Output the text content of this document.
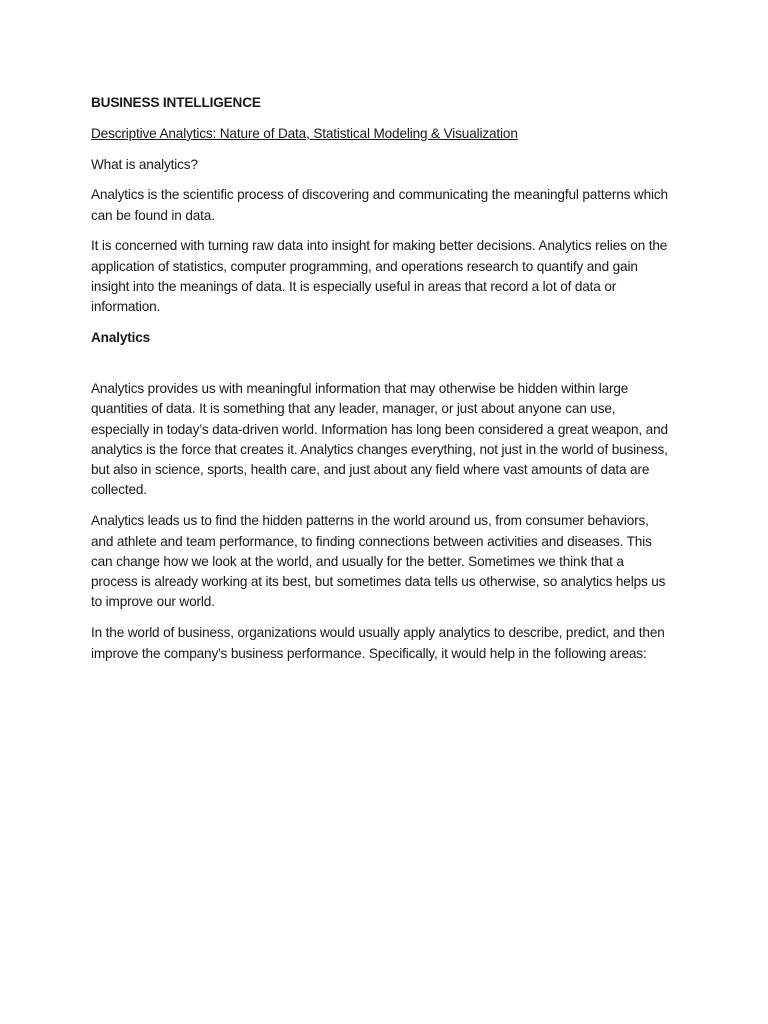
BUSINESS INTELLIGENCE

Descriptive Analytics: Nature of Data, Statistical Modeling & Visualization

What is analytics?

Analytics is the scientific process of discovering and communicating the meaningful patterns which can be found in data.

It is concerned with turning raw data into insight for making better decisions. Analytics relies on the application of statistics, computer programming, and operations research to quantify and gain insight into the meanings of data. It is especially useful in areas that record a lot of data or information.

Analytics

Analytics provides us with meaningful information that may otherwise be hidden within large quantities of data. It is something that any leader, manager, or just about anyone can use, especially in today’s data-driven world. Information has long been considered a great weapon, and analytics is the force that creates it. Analytics changes everything, not just in the world of business, but also in science, sports, health care, and just about any field where vast amounts of data are collected.

Analytics leads us to find the hidden patterns in the world around us, from consumer behaviors, and athlete and team performance, to finding connections between activities and diseases. This can change how we look at the world, and usually for the better. Sometimes we think that a process is already working at its best, but sometimes data tells us otherwise, so analytics helps us to improve our world.

In the world of business, organizations would usually apply analytics to describe, predict, and then improve the company's business performance. Specifically, it would help in the following areas:
